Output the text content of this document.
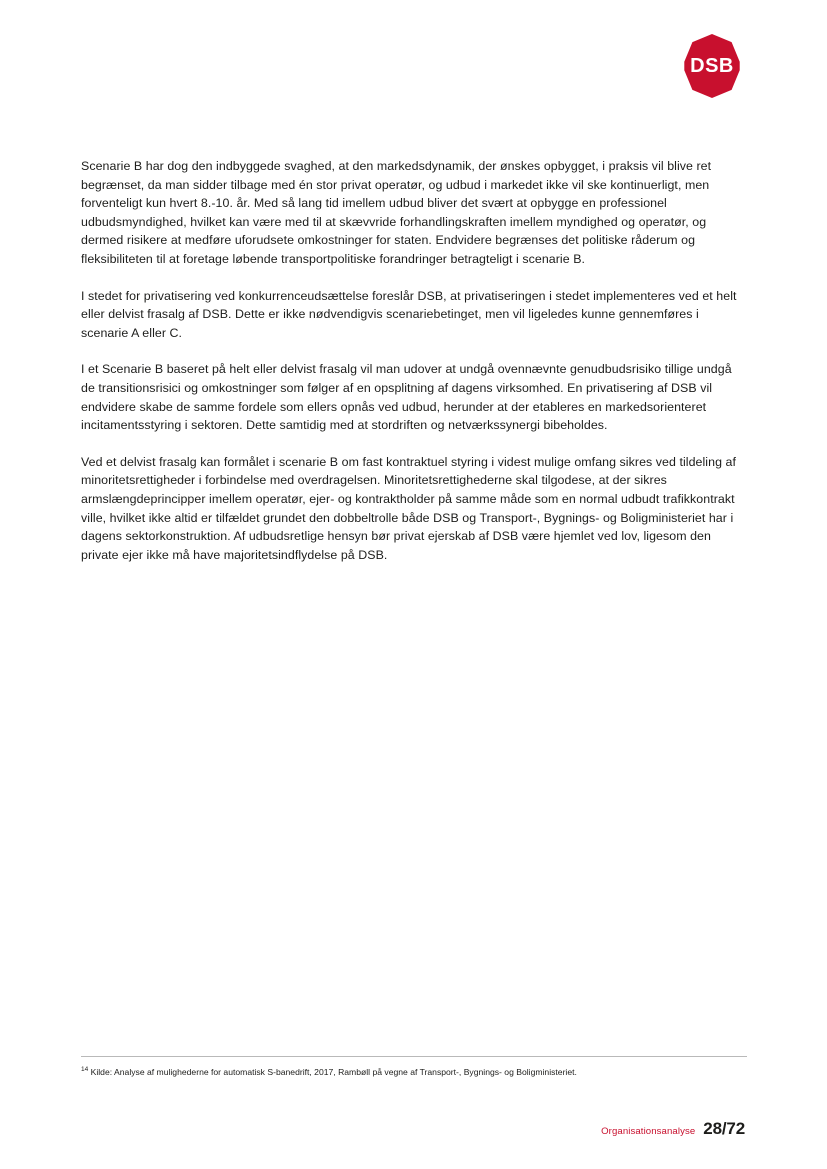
DSB

Scenarie B har dog den indbyggede svaghed, at den markedsdynamik, der ønskes opbygget, i praksis vil blive ret begrænset, da man sidder tilbage med én stor privat operatør, og udbud i markedet ikke vil ske kontinuerligt, men forventeligt kun hvert 8.-10. år. Med så lang tid imellem udbud bliver det svært at opbygge en professionel udbudsmyndighed, hvilket kan være med til at skævvride forhandlingskraften imellem myndighed og operatør, og dermed risikere at medføre uforudsete omkostninger for staten. Endvidere begrænses det politiske råderum og fleksibiliteten til at foretage løbende transportpolitiske forandringer betragteligt i scenarie B.

I stedet for privatisering ved konkurrenceudsættelse foreslår DSB, at privatiseringen i stedet implementeres ved et helt eller delvist frasalg af DSB. Dette er ikke nødvendigvis scenariebetinget, men vil ligeledes kunne gennemføres i scenarie A eller C.

I et Scenarie B baseret på helt eller delvist frasalg vil man udover at undgå ovennævnte genudbudsrisiko tillige undgå de transitionsrisici og omkostninger som følger af en opsplitning af dagens virksomhed. En privatisering af DSB vil endvidere skabe de samme fordele som ellers opnås ved udbud, herunder at der etableres en markedsorienteret incitamentsstyring i sektoren. Dette samtidig med at stordriften og netværkssynergi bibeholdes.

Ved et delvist frasalg kan formålet i scenarie B om fast kontraktuel styring i videst mulige omfang sikres ved tildeling af minoritetsrettigheder i forbindelse med overdragelsen. Minoritetsrettighederne skal tilgodese, at der sikres armslængdeprincipper imellem operatør, ejer- og kontraktholder på samme måde som en normal udbudt trafikkontrakt ville, hvilket ikke altid er tilfældet grundet den dobbeltrolle både DSB og Transport-, Bygnings- og Boligministeriet har i dagens sektorkonstruktion. Af udbudsretlige hensyn bør privat ejerskab af DSB være hjemlet ved lov, ligesom den private ejer ikke må have majoritetsindflydelse på DSB.

$^{14}$ Kilde: Analyse af mulighederne for automatisk S-banedrift, 2017, Rambøll på vegne af Transport-, Bygnings- og Boligministeriet.
Organisationsanalyse 28/72
